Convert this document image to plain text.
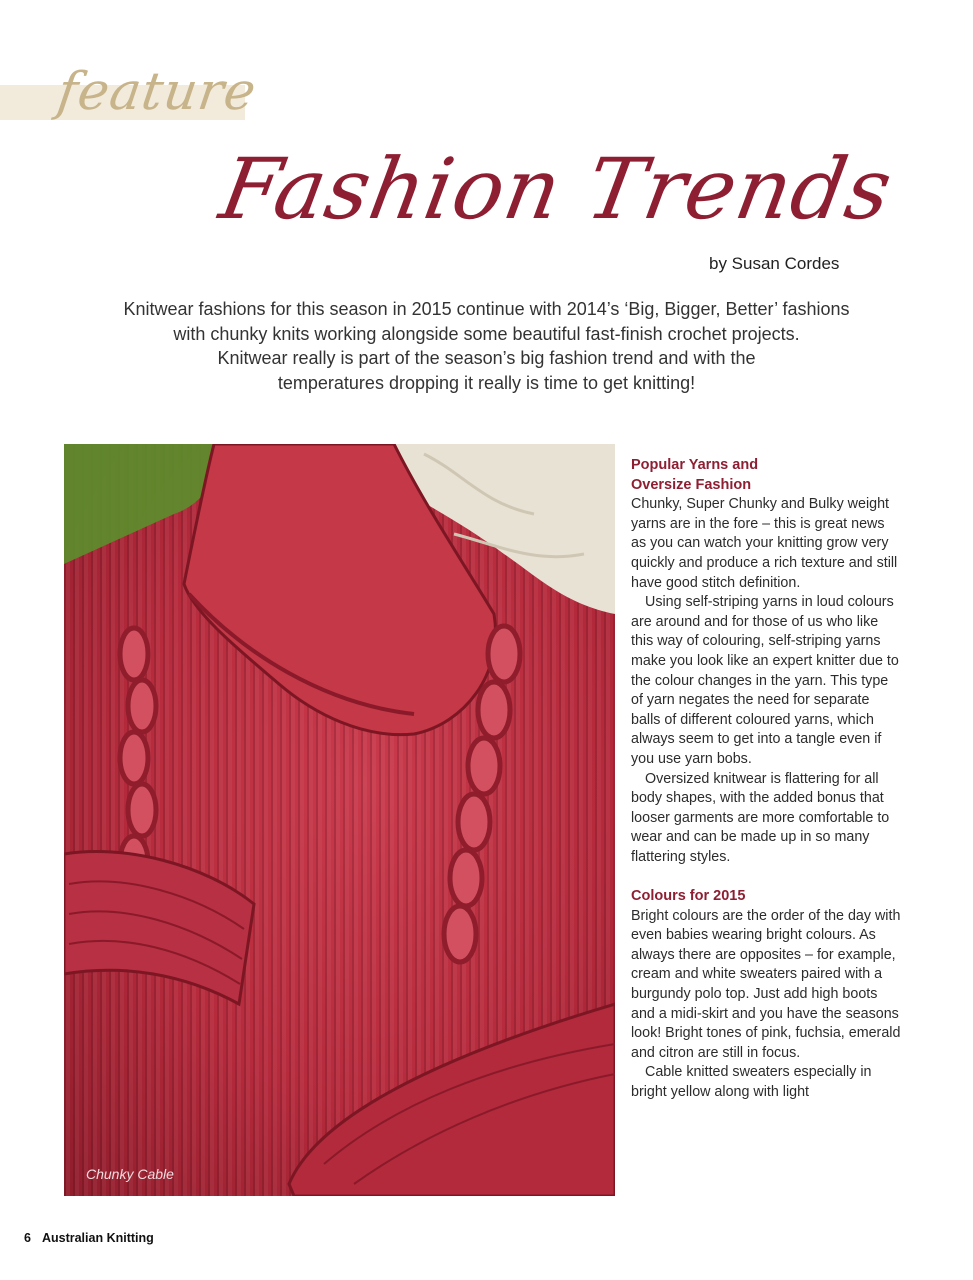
feature
Fashion Trends
by Susan Cordes
Knitwear fashions for this season in 2015 continue with 2014’s ‘Big, Bigger, Better’ fashions
with chunky knits working alongside some beautiful fast-finish crochet projects.
Knitwear really is part of the season’s big fashion trend and with the
temperatures dropping it really is time to get knitting!
Chunky Cable
Popular Yarns and
Oversize Fashion

Chunky, Super Chunky and Bulky weight yarns are in the fore – this is great news as you can watch your knitting grow very quickly and produce a rich texture and still have good stitch definition.

Using self-striping yarns in loud colours are around and for those of us who like this way of colouring, self-striping yarns make you look like an expert knitter due to the colour changes in the yarn. This type of yarn negates the need for separate balls of different coloured yarns, which always seem to get into a tangle even if you use yarn bobs.

Oversized knitwear is flattering for all body shapes, with the added bonus that looser garments are more comfortable to wear and can be made up in so many flattering styles.

Colours for 2015

Bright colours are the order of the day with even babies wearing bright colours. As always there are opposites – for example, cream and white sweaters paired with a burgundy polo top. Just add high boots and a midi-skirt and you have the seasons look! Bright tones of pink, fuchsia, emerald and citron are still in focus.

Cable knitted sweaters especially in bright yellow along with light

6 Australian Knitting
